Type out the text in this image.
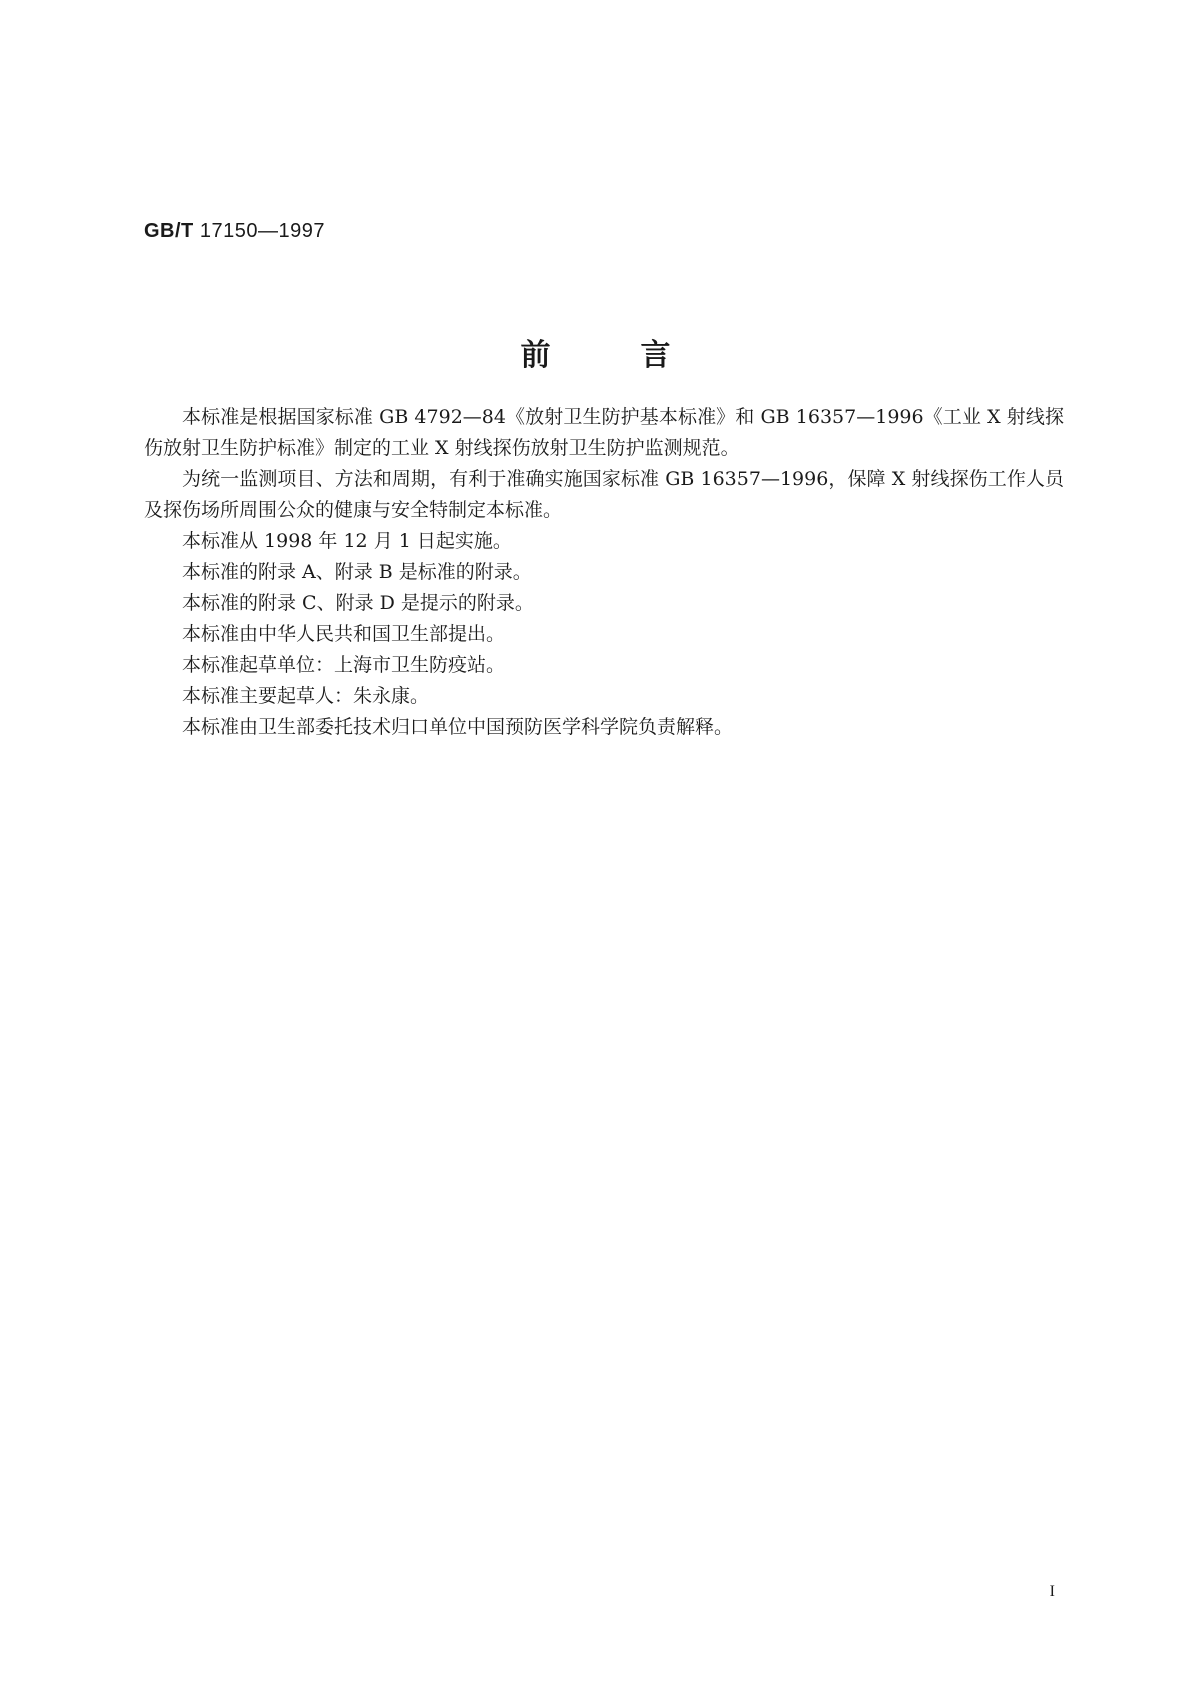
GB/T 17150—1997
前言

本标准是根据国家标准 GB 4792—84《放射卫生防护基本标准》和 GB 16357—1996《工业 X 射线探伤放射卫生防护标准》制定的工业 X 射线探伤放射卫生防护监测规范。

为统一监测项目、方法和周期，有利于准确实施国家标准 GB 16357—1996，保障 X 射线探伤工作人员及探伤场所周围公众的健康与安全特制定本标准。

本标准从 1998 年 12 月 1 日起实施。

本标准的附录 A、附录 B 是标准的附录。

本标准的附录 C、附录 D 是提示的附录。

本标准由中华人民共和国卫生部提出。

本标准起草单位：上海市卫生防疫站。

本标准主要起草人：朱永康。

本标准由卫生部委托技术归口单位中国预防医学科学院负责解释。

I
